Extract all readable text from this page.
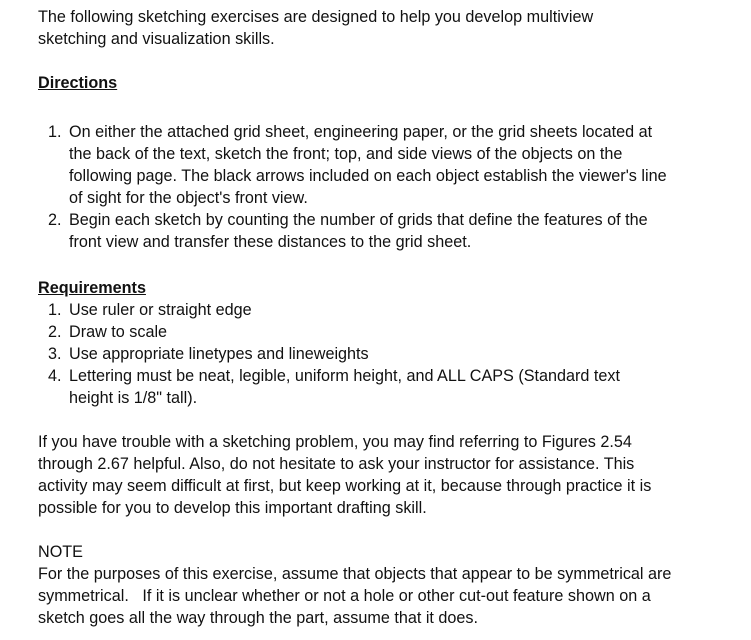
The following sketching exercises are designed to help you develop multiview sketching and visualization skills.

Directions

1. On either the attached grid sheet, engineering paper, or the grid sheets located at the back of the text, sketch the front; top, and side views of the objects on the following page. The black arrows included on each object establish the viewer's line of sight for the object's front view.
2. Begin each sketch by counting the number of grids that define the features of the front view and transfer these distances to the grid sheet.

Requirements

1. Use ruler or straight edge
2. Draw to scale
3. Use appropriate linetypes and lineweights
4. Lettering must be neat, legible, uniform height, and ALL CAPS (Standard text height is 1/8" tall).

If you have trouble with a sketching problem, you may find referring to Figures 2.54 through 2.67 helpful. Also, do not hesitate to ask your instructor for assistance. This activity may seem difficult at first, but keep working at it, because through practice it is possible for you to develop this important drafting skill.

NOTE

For the purposes of this exercise, assume that objects that appear to be symmetrical are symmetrical.   If it is unclear whether or not a hole or other cut-out feature shown on a sketch goes all the way through the part, assume that it does.
